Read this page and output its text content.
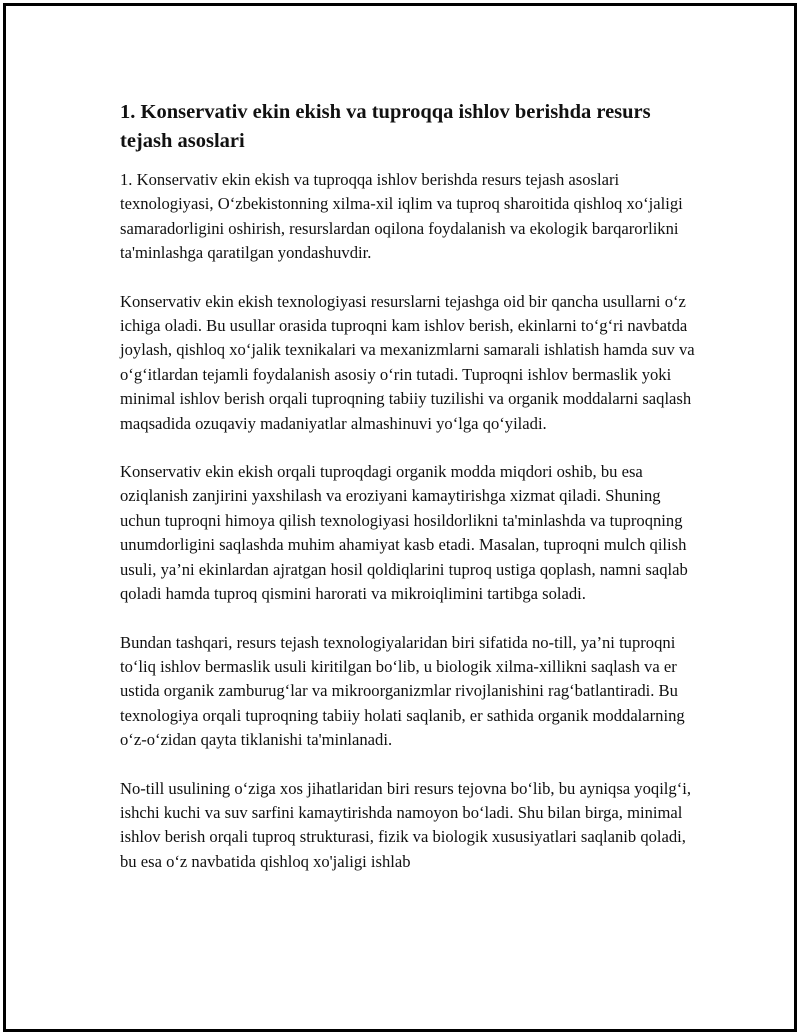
1. Konservativ ekin ekish va tuproqqa ishlov berishda resurs tejash asoslari

1. Konservativ ekin ekish va tuproqqa ishlov berishda resurs tejash asoslari texnologiyasi, O‘zbekistonning xilma-xil iqlim va tuproq sharoitida qishloq xo‘jaligi samaradorligini oshirish, resurslardan oqilona foydalanish va ekologik barqarorlikni ta'minlashga qaratilgan yondashuvdir.

Konservativ ekin ekish texnologiyasi resurslarni tejashga oid bir qancha usullarni o‘z ichiga oladi. Bu usullar orasida tuproqni kam ishlov berish, ekinlarni to‘g‘ri navbatda joylash, qishloq xo‘jalik texnikalari va mexanizmlarni samarali ishlatish hamda suv va o‘g‘itlardan tejamli foydalanish asosiy o‘rin tutadi. Tuproqni ishlov bermaslik yoki minimal ishlov berish orqali tuproqning tabiiy tuzilishi va organik moddalarni saqlash maqsadida ozuqaviy madaniyatlar almashinuvi yo‘lga qo‘yiladi.

Konservativ ekin ekish orqali tuproqdagi organik modda miqdori oshib, bu esa oziqlanish zanjirini yaxshilash va eroziyani kamaytirishga xizmat qiladi. Shuning uchun tuproqni himoya qilish texnologiyasi hosildorlikni ta'minlashda va tuproqning unumdorligini saqlashda muhim ahamiyat kasb etadi. Masalan, tuproqni mulch qilish usuli, ya’ni ekinlardan ajratgan hosil qoldiqlarini tuproq ustiga qoplash, namni saqlab qoladi hamda tuproq qismini harorati va mikroiqlimini tartibga soladi.

Bundan tashqari, resurs tejash texnologiyalaridan biri sifatida no-till, ya’ni tuproqni to‘liq ishlov bermaslik usuli kiritilgan bo‘lib, u biologik xilma-xillikni saqlash va er ustida organik zamburug‘lar va mikroorganizmlar rivojlanishini rag‘batlantiradi. Bu texnologiya orqali tuproqning tabiiy holati saqlanib, er sathida organik moddalarning o‘z-o‘zidan qayta tiklanishi ta'minlanadi.

No-till usulining o‘ziga xos jihatlaridan biri resurs tejovna bo‘lib, bu ayniqsa yoqilg‘i, ishchi kuchi va suv sarfini kamaytirishda namoyon bo‘ladi. Shu bilan birga, minimal ishlov berish orqali tuproq strukturasi, fizik va biologik xususiyatlari saqlanib qoladi, bu esa o‘z navbatida qishloq xo'jaligi ishlab
